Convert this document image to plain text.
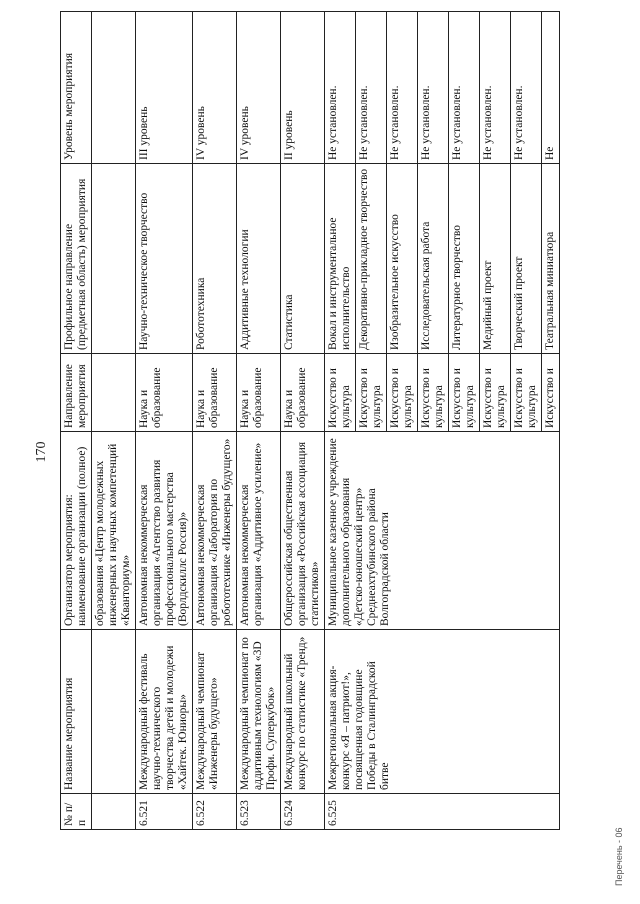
170
№ п/п	Название мероприятия	Организатор мероприятия: наименование организации (полное)	Направление мероприятия	Профильное направление (предметная область) мероприятия	Уровень мероприятия
		образования «Центр молодежных инженерных и научных компетенций «Кванториум»			
6.521	Международный фестиваль научно-технического творчества детей и молодежи «Хайтек. Юниоры»	Автономная некоммерческая организация «Агентство развития профессионального мастерства (Ворлдскиллс Россия)»	Наука и образование	Научно-техническое творчество	III уровень
6.522	Международный чемпионат «Инженеры будущего»	Автономная некоммерческая организация «Лаборатория по робототехнике «Инженеры будущего»	Наука и образование	Робототехника	IV уровень
6.523	Международный чемпионат по аддитивным технологиям «3D Профи. Суперкубок»	Автономная некоммерческая организация «Аддитивное усиление»	Наука и образование	Аддитивные технологии	IV уровень
6.524	Международный школьный конкурс по статистике «Тренд»	Общероссийская общественная организация «Российская ассоциация статистиков»	Наука и образование	Статистика	II уровень
6.525	Межрегиональная акция-конкурс «Я – патриот!», посвященная годовщине Победы в Сталинградской битве	Муниципальное казенное учреждение дополнительного образования «Детско-юношеский центр» Среднеахтубинского района Волгоградской области	Искусство и культура	Вокал и инструментальное исполнительство	Не установлен.
			Искусство и культура	Декоративно-прикладное творчество	Не установлен.
			Искусство и культура	Изобразительное искусство	Не установлен.
			Искусство и культура	Исследовательская работа	Не установлен.
			Искусство и культура	Литературное творчество	Не установлен.
			Искусство и культура	Медийный проект	Не установлен.
			Искусство и культура	Творческий проект	Не установлен.
			Искусство и	Театральная миниатюра	Не
Перечень - 06
